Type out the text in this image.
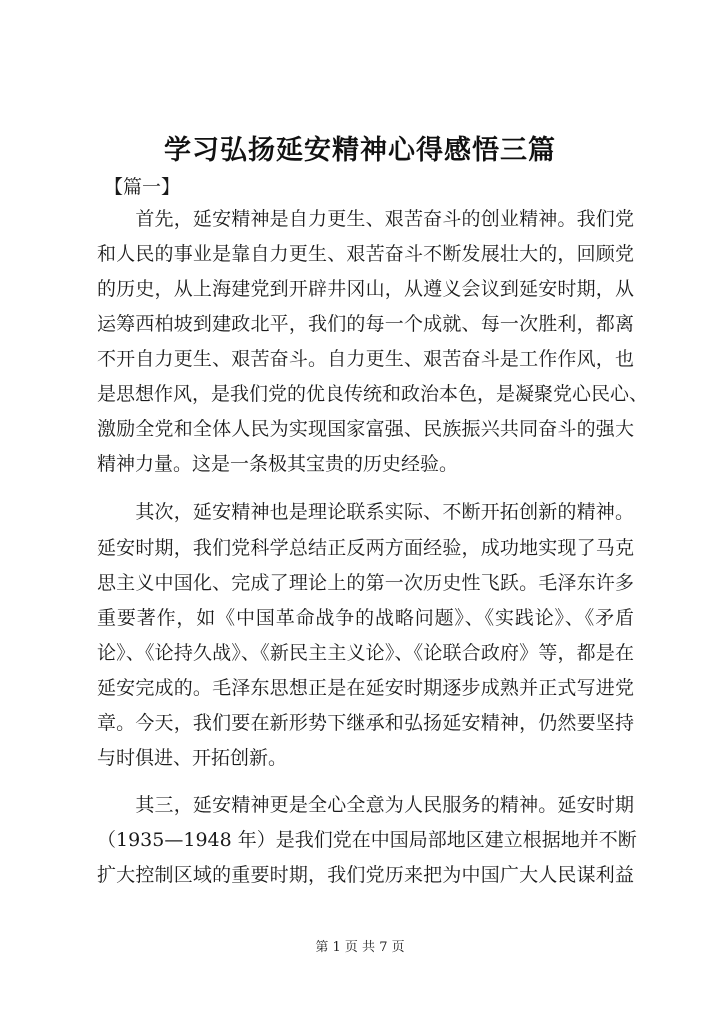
学习弘扬延安精神心得感悟三篇
【篇一】
　　首先，延安精神是自力更生、艰苦奋斗的创业精神。我们党
和人民的事业是靠自力更生、艰苦奋斗不断发展壮大的，回顾党
的历史，从上海建党到开辟井冈山，从遵义会议到延安时期，从
运筹西柏坡到建政北平，我们的每一个成就、每一次胜利，都离
不开自力更生、艰苦奋斗。自力更生、艰苦奋斗是工作作风，也
是思想作风，是我们党的优良传统和政治本色，是凝聚党心民心、
激励全党和全体人民为实现国家富强、民族振兴共同奋斗的强大
精神力量。这是一条极其宝贵的历史经验。
　　其次，延安精神也是理论联系实际、不断开拓创新的精神。
延安时期，我们党科学总结正反两方面经验，成功地实现了马克
思主义中国化、完成了理论上的第一次历史性飞跃。毛泽东许多
重要著作，如《中国革命战争的战略问题》、《实践论》、《矛盾
论》、《论持久战》、《新民主主义论》、《论联合政府》等，都是在
延安完成的。毛泽东思想正是在延安时期逐步成熟并正式写进党
章。今天，我们要在新形势下继承和弘扬延安精神，仍然要坚持
与时俱进、开拓创新。
　　其三，延安精神更是全心全意为人民服务的精神。延安时期
（1935—1948 年）是我们党在中国局部地区建立根据地并不断
扩大控制区域的重要时期，我们党历来把为中国广大人民谋利益
第 1 页 共 7 页
